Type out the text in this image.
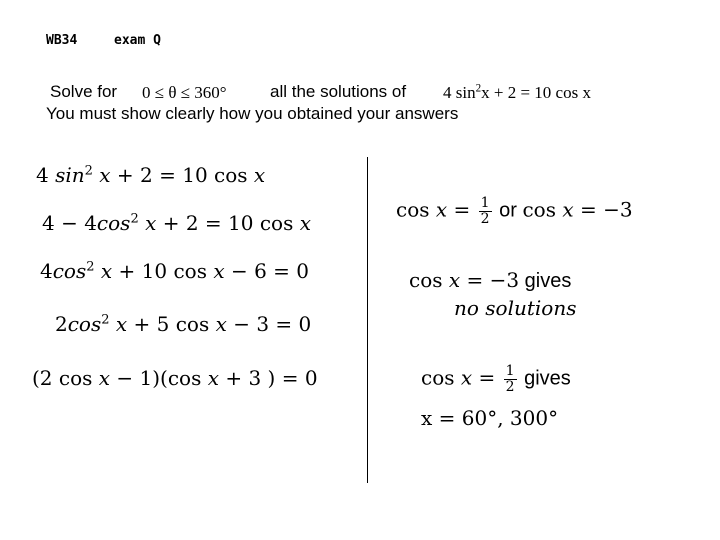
WB34	exam Q
Solve for 0 ≤ θ ≤ 360°	all the solutions of 4 $\sin^2x + 2 = 10$ cos x
You must show clearly how you obtained your answers
4 $\sin^2 x + 2 = 10$ cos x
$4 - 4\cos^2$ x + 2 = 10 cos x
$4\cos^2$ x + 10 cos x − 6 = 0
$2\cos^2$ x + 5 cos x − 3 = 0
(2 cos x − 1)(cos x + 3 ) = 0
$\cos x = \frac{1}{2}$ or cos x = −3
cos x = −3 gives
no solutions
$\cos x = \frac{1}{2}$ gives
x = 60°, 300°
